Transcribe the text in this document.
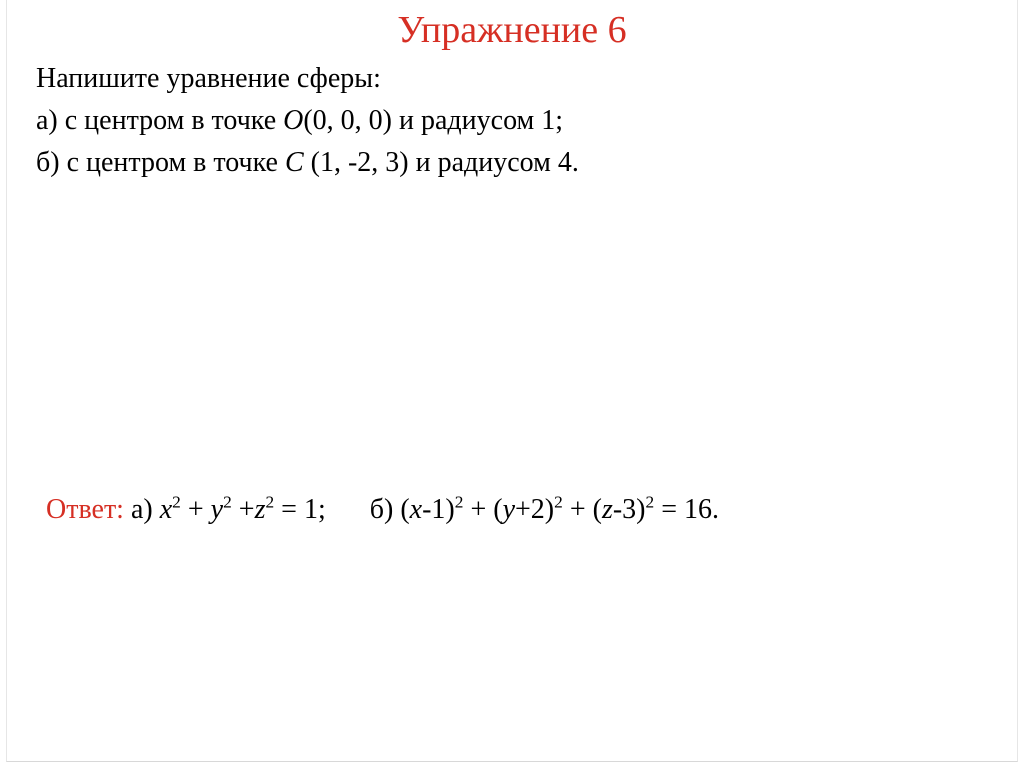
Упражнение 6
Напишите уравнение сферы:
а) с центром в точке O(0, 0, 0) и радиусом 1;
б) с центром в точке C (1, -2, 3) и радиусом 4.
Ответ: а) $x^2 + y^2 +z^2 = 1$; б) $(x-1)^2 + (y+2)^2 + (z-3)^2 = 16$.
